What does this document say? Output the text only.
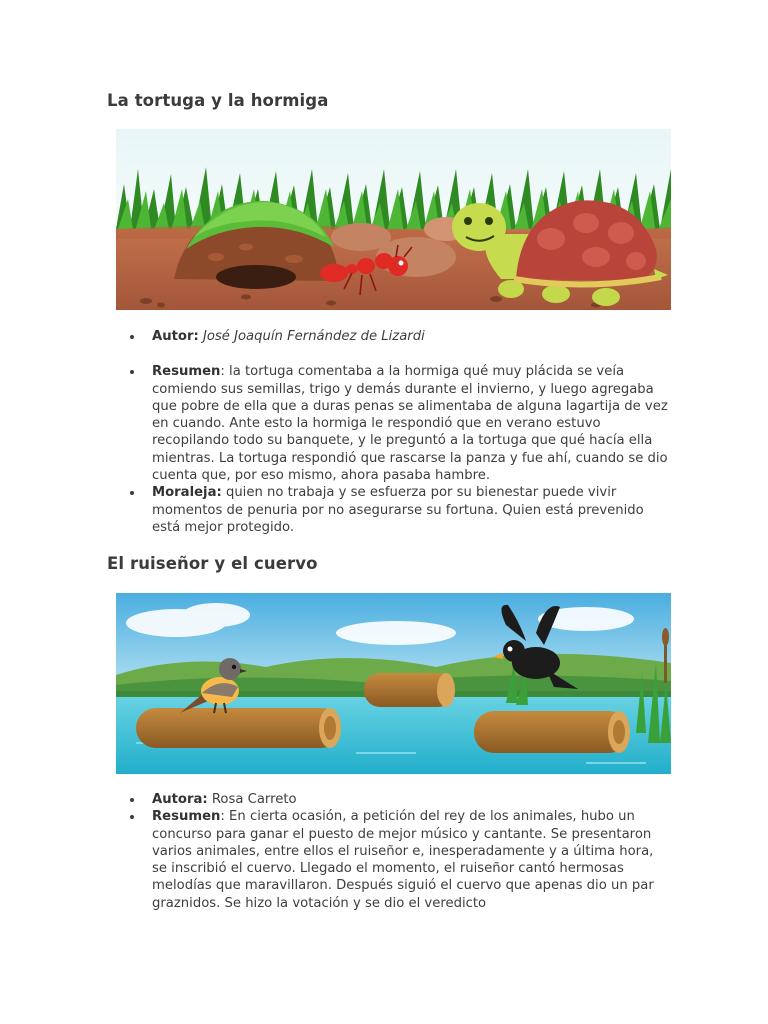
La tortuga y la hormiga
Autor: José Joaquín Fernández de Lizardi
Resumen: la tortuga comentaba a la hormiga qué muy plácida se veía comiendo sus semillas, trigo y demás durante el invierno, y luego agregaba que pobre de ella que a duras penas se alimentaba de alguna lagartija de vez en cuando. Ante esto la hormiga le respondió que en verano estuvo recopilando todo su banquete, y le preguntó a la tortuga que qué hacía ella mientras. La tortuga respondió que rascarse la panza y fue ahí, cuando se dio cuenta que, por eso mismo, ahora pasaba hambre.
Moraleja: quien no trabaja y se esfuerza por su bienestar puede vivir momentos de penuria por no asegurarse su fortuna. Quien está prevenido está mejor protegido.
El ruiseñor y el cuervo
Autora: Rosa Carreto
Resumen: En cierta ocasión, a petición del rey de los animales, hubo un concurso para ganar el puesto de mejor músico y cantante. Se presentaron varios animales, entre ellos el ruiseñor e, inesperadamente y a última hora, se inscribió el cuervo. Llegado el momento, el ruiseñor cantó hermosas melodías que maravillaron. Después siguió el cuervo que apenas dio un par graznidos. Se hizo la votación y se dio el veredicto
